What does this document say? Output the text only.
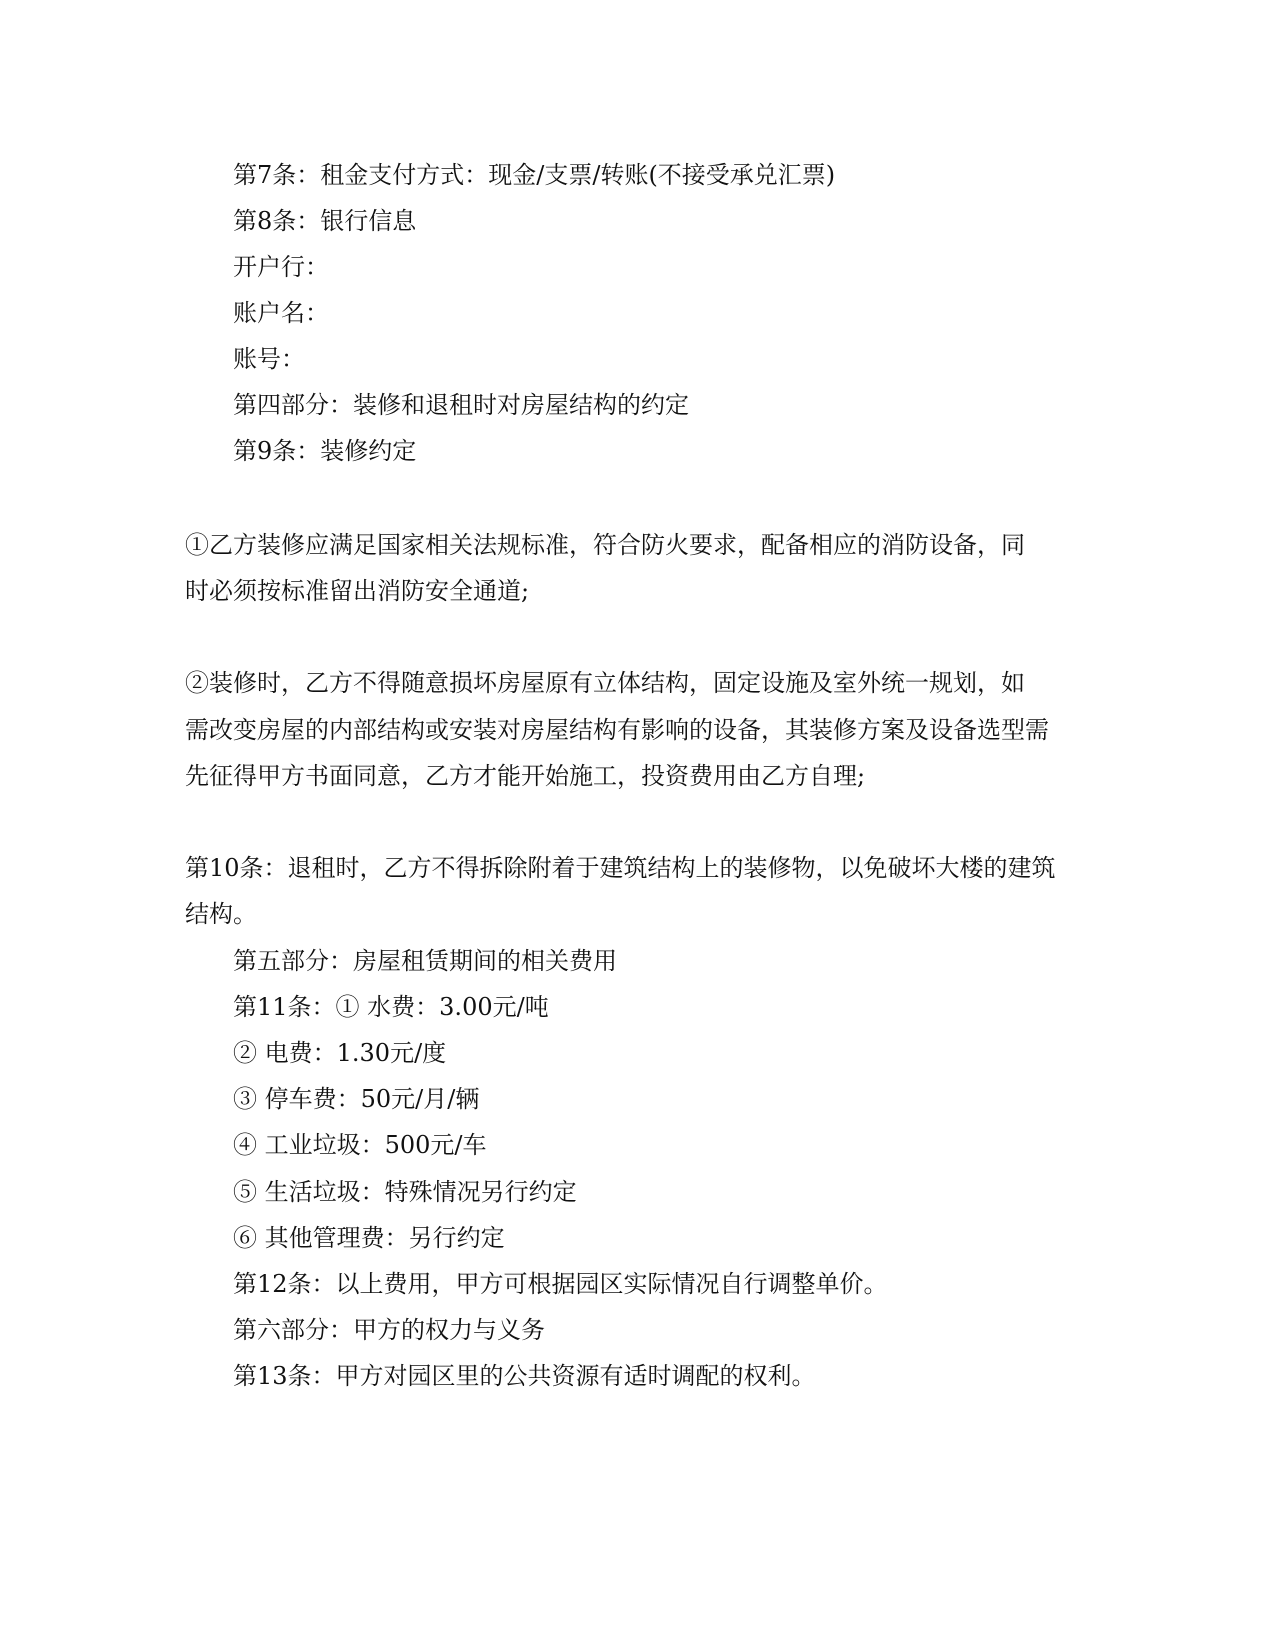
第7条：租金支付方式：现金/支票/转账(不接受承兑汇票)
第8条：银行信息
开户行：
账户名：
账号：
第四部分：装修和退租时对房屋结构的约定
第9条：装修约定
①乙方装修应满足国家相关法规标准，符合防火要求，配备相应的消防设备，同
时必须按标准留出消防安全通道;
②装修时，乙方不得随意损坏房屋原有立体结构，固定设施及室外统一规划，如
需改变房屋的内部结构或安装对房屋结构有影响的设备，其装修方案及设备选型需
先征得甲方书面同意，乙方才能开始施工，投资费用由乙方自理;
第10条：退租时，乙方不得拆除附着于建筑结构上的装修物，以免破坏大楼的建筑
结构。
第五部分：房屋租赁期间的相关费用
第11条：① 水费：3.00元/吨
② 电费：1.30元/度
③ 停车费：50元/月/辆
④ 工业垃圾：500元/车
⑤ 生活垃圾：特殊情况另行约定
⑥ 其他管理费：另行约定
第12条：以上费用，甲方可根据园区实际情况自行调整单价。
第六部分：甲方的权力与义务
第13条：甲方对园区里的公共资源有适时调配的权利。
